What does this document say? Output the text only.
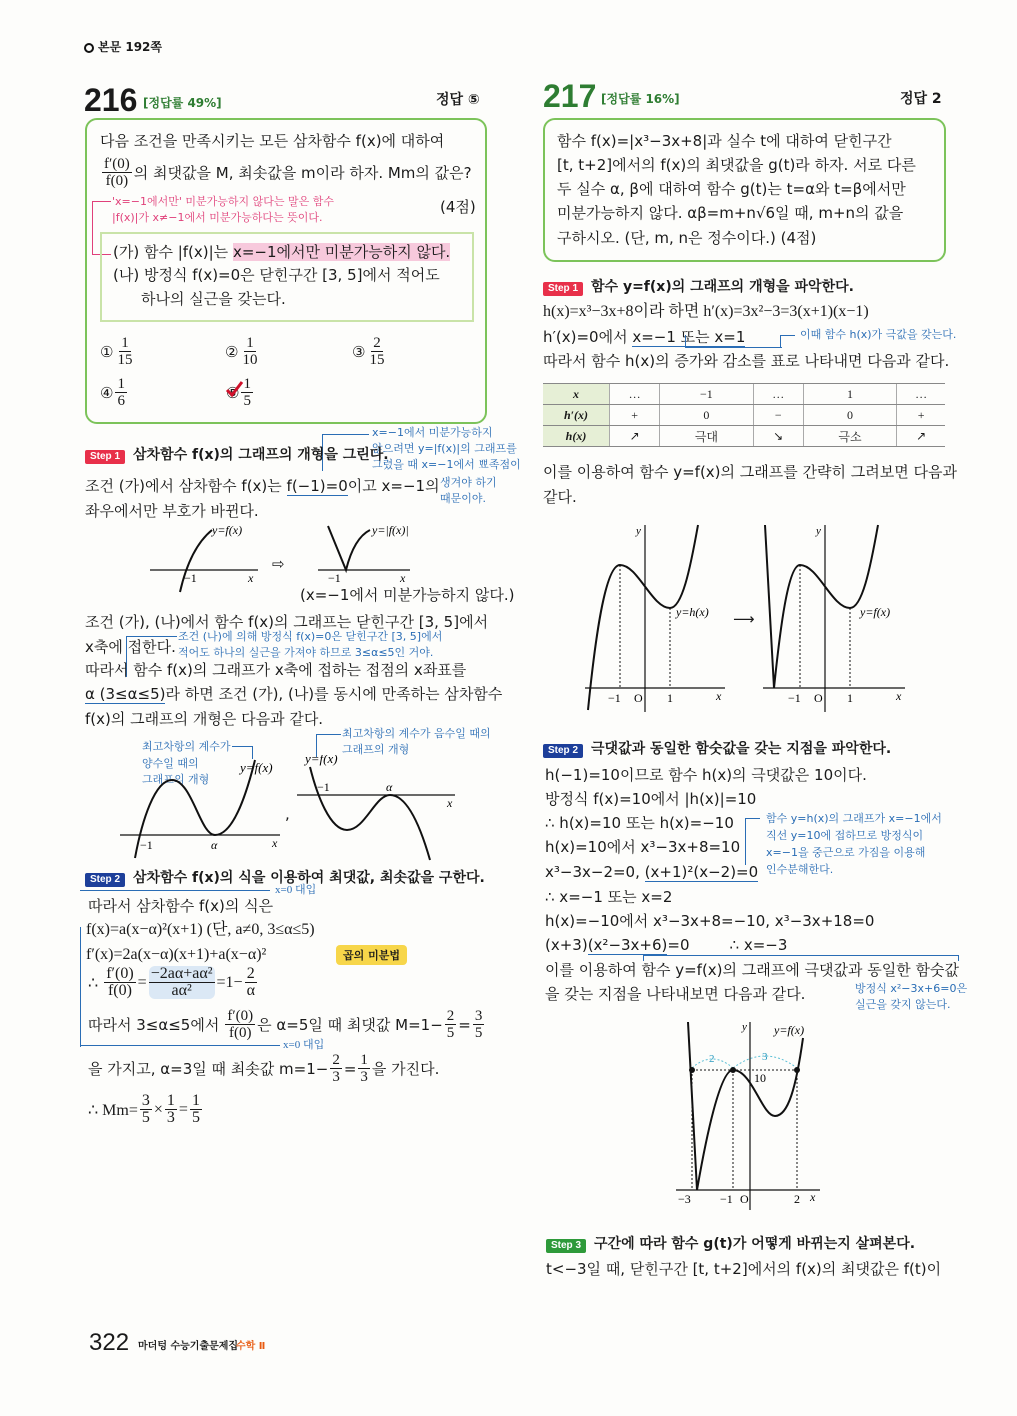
본문 192쪽
216 [정답률 49%]	정답 ⑤
다음 조건을 만족시키는 모든 삼차함수 f(x)에 대하여
$\frac{f'(0)}{f(0)}$ 의 최댓값을 M, 최솟값을 m이라 하자. Mm의 값은?
'x=−1에서만' 미분가능하지 않다는 말은 함수
|f(x)|가 x≠−1에서 미분가능하다는 뜻이다.
(4점)
(가) 함수 |f(x)|는 x=−1에서만 미분가능하지 않다.
(나) 방정식 f(x)=0은 닫힌구간 [3, 5]에서 적어도
하나의 실근을 갖는다.
① $\frac{1}{15}$	② $\frac{1}{10}$	③ $\frac{2}{15}$
④ $\frac{1}{6}$	⑤ $\frac{1}{5}$
x=−1에서 미분가능하지
않으려면 y=|f(x)|의 그래프를
그렸을 때 x=−1에서 뾰족점이
생겨야 하기
때문이야.
Step 1 삼차함수 f(x)의 그래프의 개형을 그린다.
조건 (가)에서 삼차함수 f(x)는 f(−1)=0이고 x=−1의
좌우에서만 부호가 바뀐다.
y=f(x)
−1	x
⇨
y=|f(x)|
−1	x
(x=−1에서 미분가능하지 않다.)
조건 (가), (나)에서 함수 f(x)의 그래프는 닫힌구간 [3, 5]에서
x축에 접한다.
조건 (나)에 의해 방정식 f(x)=0은 닫힌구간 [3, 5]에서
적어도 하나의 실근을 가져야 하므로 3≤α≤5인 거야.
따라서 함수 f(x)의 그래프가 x축에 접하는 접점의 x좌표를
α (3≤α≤5)라 하면 조건 (가), (나)를 동시에 만족하는 삼차함수
f(x)의 그래프의 개형은 다음과 같다.
최고차항의 계수가
양수일 때의
그래프의 개형
최고차항의 계수가 음수일 때의
그래프의 개형
y=f(x)
−1	α	x
,
y=f(x)
−1	α
x
Step 2 삼차함수 f(x)의 식을 이용하여 최댓값, 최솟값을 구한다.
x=0 대입
따라서 삼차함수 f(x)의 식은
f(x)=a(x−α)²(x+1) (단, a≠0, 3≤α≤5)
f′(x)=2a(x−α)(x+1)+a(x−α)²	곱의 미분법
∴ $\frac{f'(0)}{f(0)} = \frac{\text{−2aα+aα²}}{\text{aα²}} =1- \frac{2}{\alpha}$
따라서 3≤α≤5에서 $\frac{f'(0)}{f(0)}$ 은 α=5일 때 최댓값 $M=1- \frac{2}{5} = \frac{3}{5}$
x=0 대입
을 가지고, α=3일 때 최솟값 $m=1- \frac{2}{3} = \frac{1}{3}$ 을 가진다.
∴ $Mm= \frac{3}{5} \times \frac{1}{3} = \frac{1}{5}$
217 [정답률 16%]	정답 2
함수 f(x)=|x³−3x+8|과 실수 t에 대하여 닫힌구간
[t, t+2]에서의 f(x)의 최댓값을 g(t)라 하자. 서로 다른
두 실수 α, β에 대하여 함수 g(t)는 t=α와 t=β에서만
미분가능하지 않다. αβ=m+n√6일 때, m+n의 값을
구하시오. (단, m, n은 정수이다.) (4점)
Step 1 함수 y=f(x)의 그래프의 개형을 파악한다.
h(x)=x³−3x+8이라 하면 h′(x)=3x²−3=3(x+1)(x−1)
h′(x)=0에서 x=−1 또는 x=1	이때 함수 h(x)가 극값을 갖는다.
따라서 함수 h(x)의 증가와 감소를 표로 나타내면 다음과 같다.
x	…	−1	…	1	…
h′(x)	+	0	−	0	+
h(x)	↗	극대	↘	극소	↗
이를 이용하여 함수 y=f(x)의 그래프를 간략히 그려보면 다음과
같다.
y
y=h(x)
−1 O 1	x
⟶
y
y=f(x)
−1 O 1	x
Step 2 극댓값과 동일한 함숫값을 갖는 지점을 파악한다.
h(−1)=10이므로 함수 h(x)의 극댓값은 10이다.
방정식 f(x)=10에서 |h(x)|=10
∴ h(x)=10 또는 h(x)=−10
h(x)=10에서 x³−3x+8=10
x³−3x−2=0, (x+1)²(x−2)=0
함수 y=h(x)의 그래프가 x=−1에서
직선 y=10에 접하므로 방정식이
x=−1을 중근으로 가짐을 이용해
인수분해한다.
∴ x=−1 또는 x=2
h(x)=−10에서 x³−3x+8=−10, x³−3x+18=0
(x+3)(x²−3x+6)=0	∴ x=−3
이를 이용하여 함수 y=f(x)의 그래프에 극댓값과 동일한 함숫값
을 갖는 지점을 나타내보면 다음과 같다.	방정식 x²−3x+6=0은
실근을 갖지 않는다.
2	3
10
y y=f(x)
−3 −1 O	2 x
Step 3 구간에 따라 함수 g(t)가 어떻게 바뀌는지 살펴본다.
t<−3일 때, 닫힌구간 [t, t+2]에서의 f(x)의 최댓값은 f(t)이
322 마더텅 수능기출문제집
수학 Ⅱ
